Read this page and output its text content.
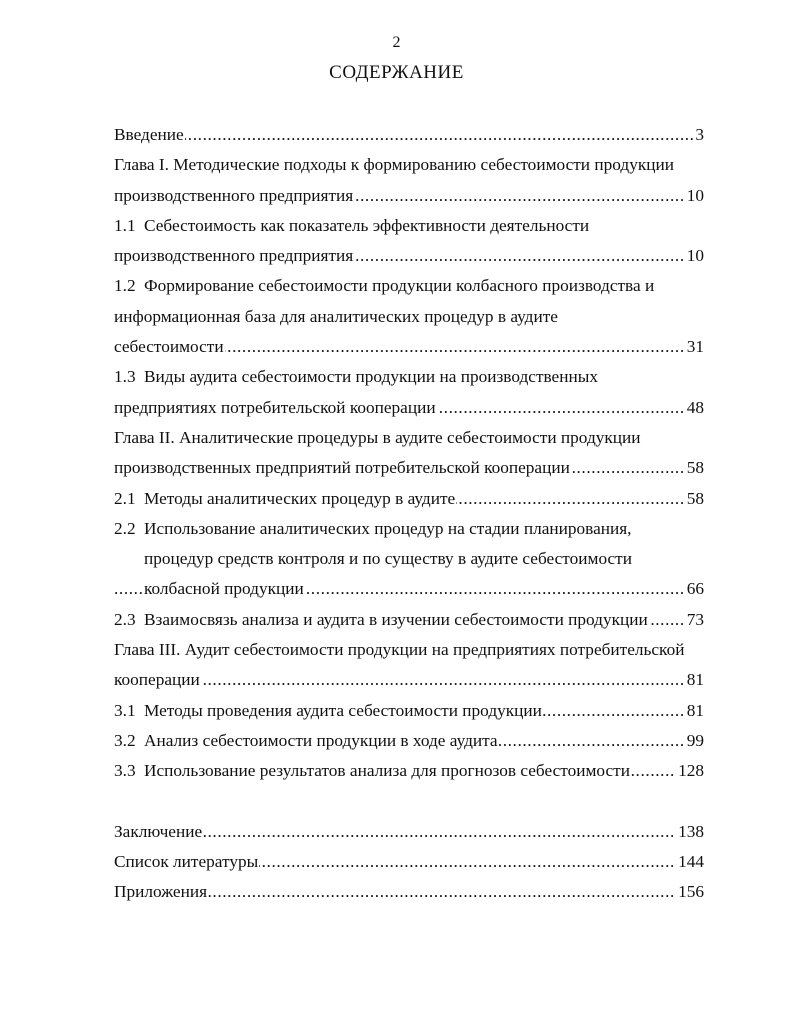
2
СОДЕРЖАНИЕ
..... Введение	3
Глава I. Методические подходы к формированию себестоимости продукции
..... производственного предприятия	10
1.1 Себестоимость как показатель эффективности деятельности
..... производственного предприятия	10
1.2 Формирование себестоимости продукции колбасного производства и
информационная база для аналитических процедур в аудите
..... себестоимости	31
1.3 Виды аудита себестоимости продукции на производственных
..... предприятиях потребительской кооперации	48
Глава II. Аналитические процедуры в аудите себестоимости продукции
..... производственных предприятий потребительской кооперации	58
..... 2.1 Методы аналитических процедур в аудите	58
2.2 Использование аналитических процедур на стадии планирования,
процедур средств контроля и по существу в аудите себестоимости
..... колбасной продукции	66
..... 2.3 Взаимосвязь анализа и аудита в изучении себестоимости продукции 73
Глава III. Аудит себестоимости продукции на предприятиях потребительской
..... кооперации	81
..... 3.1 Методы проведения аудита себестоимости продукции	81
..... 3.2 Анализ себестоимости продукции в ходе аудита	99
..... 3.3 Использование результатов анализа для прогнозов себестоимости	128
..... Заключение	138
..... Список литературы	144
..... Приложения	156
